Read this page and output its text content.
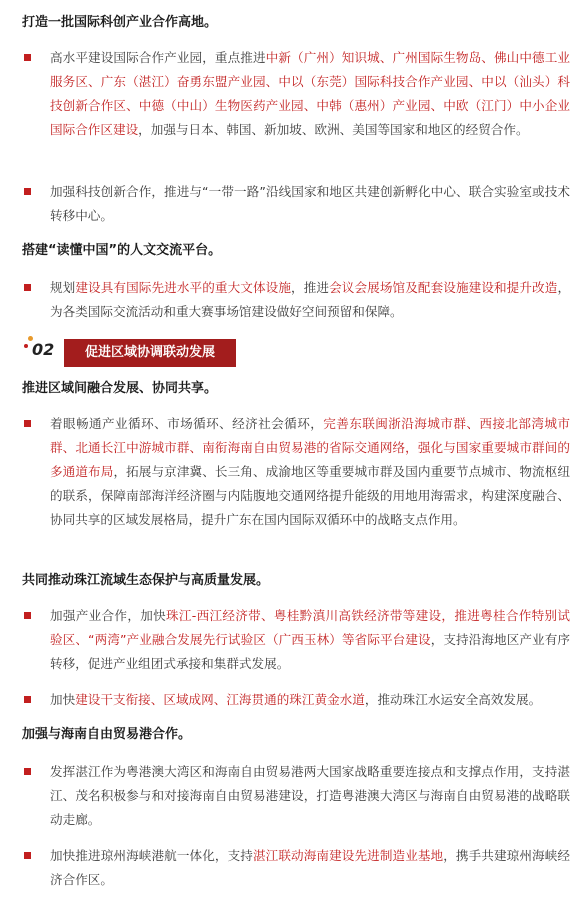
打造一批国际科创产业合作高地。
高水平建设国际合作产业园，重点推进中新（广州）知识城、广州国际生物岛、佛山中德工业服务区、广东（湛江）奋勇东盟产业园、中以（东莞）国际科技合作产业园、中以（汕头）科技创新合作区、中德（中山）生物医药产业园、中韩（惠州）产业园、中欧（江门）中小企业国际合作区建设，加强与日本、韩国、新加坡、欧洲、美国等国家和地区的经贸合作。
加强科技创新合作，推进与“一带一路”沿线国家和地区共建创新孵化中心、联合实验室或技术转移中心。
搭建“读懂中国”的人文交流平台。
规划建设具有国际先进水平的重大文体设施，推进会议会展场馆及配套设施建设和提升改造，为各类国际交流活动和重大赛事场馆建设做好空间预留和保障。
02	促进区域协调联动发展
推进区域间融合发展、协同共享。
着眼畅通产业循环、市场循环、经济社会循环，完善东联闽浙沿海城市群、西接北部湾城市群、北通长江中游城市群、南衔海南自由贸易港的省际交通网络，强化与国家重要城市群间的多通道布局，拓展与京津冀、长三角、成渝地区等重要城市群及国内重要节点城市、物流枢纽的联系，保障南部海洋经济圈与内陆腹地交通网络提升能级的用地用海需求，构建深度融合、协同共享的区域发展格局，提升广东在国内国际双循环中的战略支点作用。
共同推动珠江流域生态保护与高质量发展。
加强产业合作，加快珠江-西江经济带、粤桂黔滇川高铁经济带等建设，推进粤桂合作特别试验区、“两湾”产业融合发展先行试验区（广西玉林）等省际平台建设，支持沿海地区产业有序转移，促进产业组团式承接和集群式发展。
加快建设干支衔接、区域成网、江海贯通的珠江黄金水道，推动珠江水运安全高效发展。
加强与海南自由贸易港合作。
发挥湛江作为粤港澳大湾区和海南自由贸易港两大国家战略重要连接点和支撑点作用，支持湛江、茂名积极参与和对接海南自由贸易港建设，打造粤港澳大湾区与海南自由贸易港的战略联动走廊。
加快推进琼州海峡港航一体化，支持湛江联动海南建设先进制造业基地，携手共建琼州海峡经济合作区。
